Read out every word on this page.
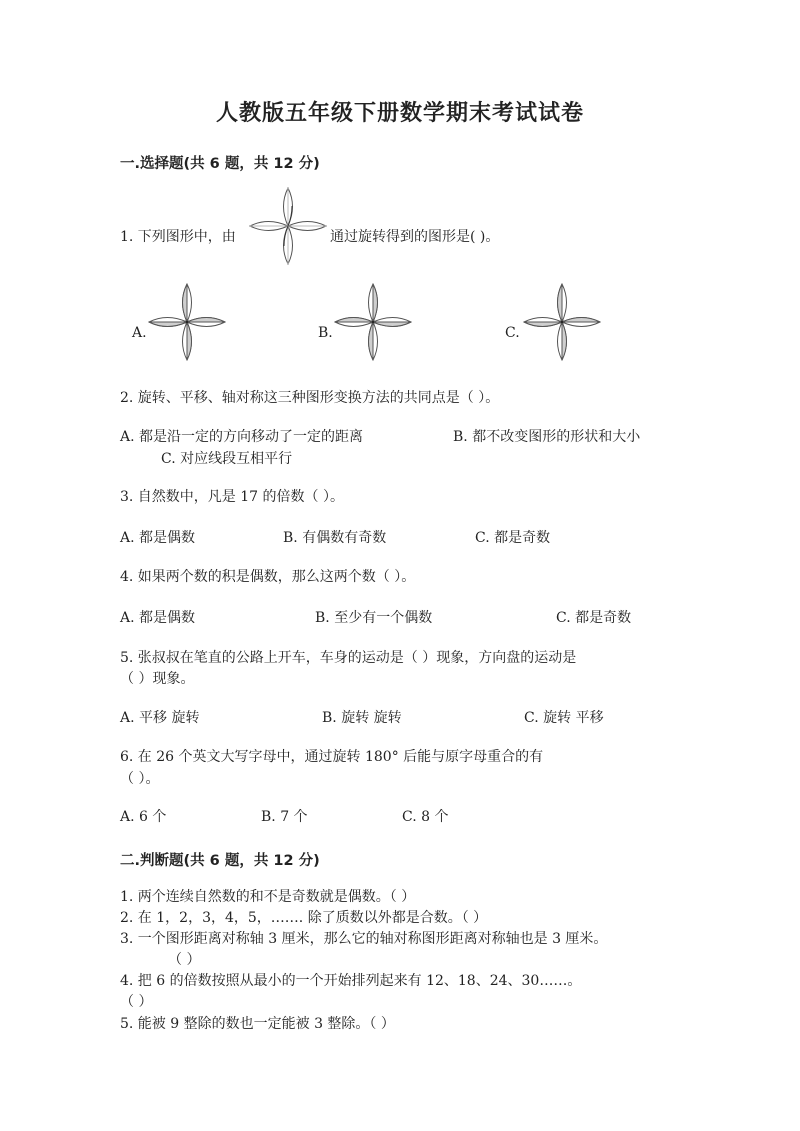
人教版五年级下册数学期末考试试卷
一.选择题(共 6 题，共 12 分)
1. 下列图形中，由	通过旋转得到的图形是( )。
A.	B.	C.
2. 旋转、平移、轴对称这三种图形变换方法的共同点是（ ）。
A. 都是沿一定的方向移动了一定的距离	B. 都不改变图形的形状和大小
C. 对应线段互相平行
3. 自然数中，凡是 17 的倍数（ ）。
A. 都是偶数	B. 有偶数有奇数	C. 都是奇数
4. 如果两个数的积是偶数，那么这两个数（ ）。
A. 都是偶数	B. 至少有一个偶数	C. 都是奇数
5. 张叔叔在笔直的公路上开车，车身的运动是（ ）现象，方向盘的运动是
（ ）现象。
A. 平移 旋转	B. 旋转 旋转	C. 旋转 平移
6. 在 26 个英文大写字母中，通过旋转 180° 后能与原字母重合的有
（ ）。
A. 6 个	B. 7 个	C. 8 个
二.判断题(共 6 题，共 12 分)
1. 两个连续自然数的和不是奇数就是偶数。（ ）
2. 在 1，2，3，4，5，……. 除了质数以外都是合数。（ ）
3. 一个图形距离对称轴 3 厘米，那么它的轴对称图形距离对称轴也是 3 厘米。
（ ）
4. 把 6 的倍数按照从最小的一个开始排列起来有 12、18、24、30……。
（ ）
5. 能被 9 整除的数也一定能被 3 整除。（ ）
